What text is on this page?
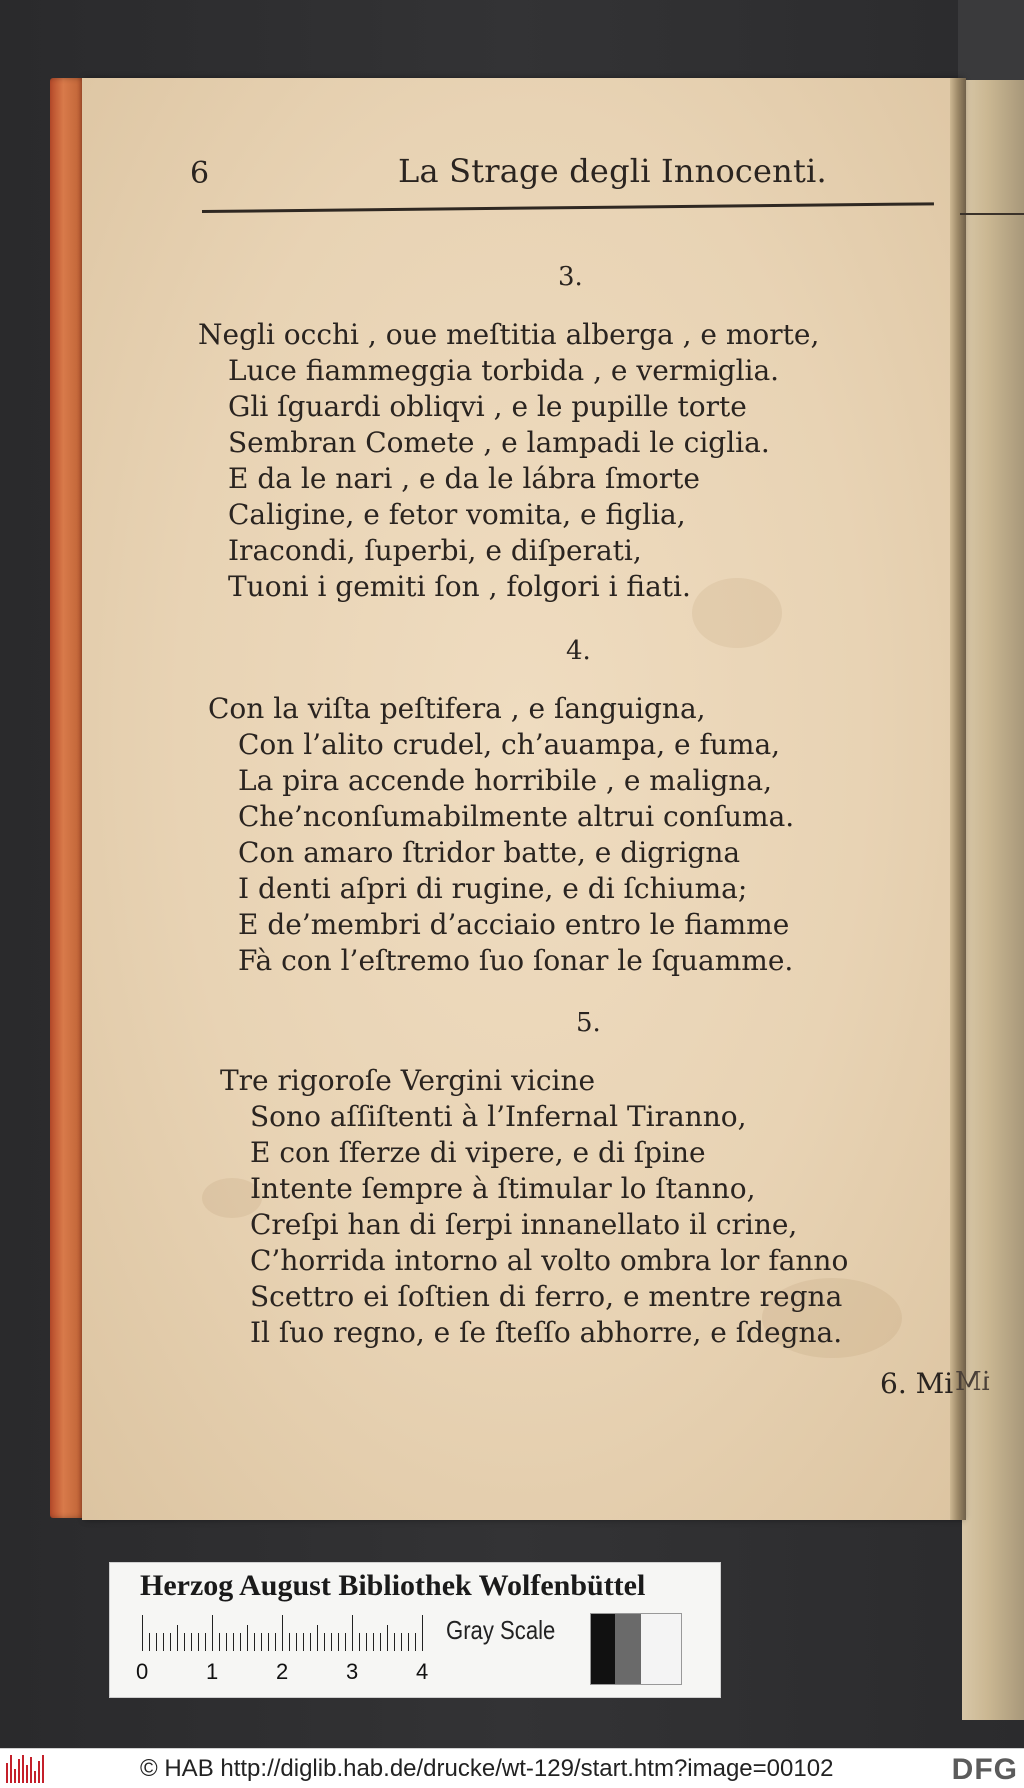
6	La Strage degli Innocenti.
3.
Negli occhi , oue meſtitia alberga , e morte,
Luce fiammeggia torbida , e vermiglia.
Gli ſguardi obliqvi , e le pupille torte
Sembran Comete , e lampadi le ciglia.
E da le nari , e da le lábra ſmorte
Caligine, e fetor vomita, e figlia,
Iracondi, ſuperbi, e diſperati,
Tuoni i gemiti ſon , folgori i fiati.
4.
Con la viſta peſtifera , e ſanguigna,
Con l’alito crudel, ch’auampa, e fuma,
La pira accende horribile , e maligna,
Che’nconſumabilmente altrui conſuma.
Con amaro ſtridor batte, e digrigna
I denti aſpri di rugine, e di ſchiuma;
E de’membri d’acciaio entro le fiamme
Fà con l’eſtremo ſuo ſonar le ſquamme.
5.
Tre rigoroſe Vergini vicine
Sono aſſiſtenti à l’Infernal Tiranno,
E con ſferze di vipere, e di ſpine
Intente ſempre à ſtimular lo ſtanno,
Creſpi han di ſerpi innanellato il crine,
C’horrida intorno al volto ombra lor fanno
Scettro ei ſoſtien di ferro, e mentre regna
Il ſuo regno, e ſe ſteſſo abhorre, e ſdegna.
6. Mi iM
Herzog August Bibliothek Wolfenbüttel
0	1	2	3	4
Gray Scale
© HAB http://diglib.hab.de/drucke/wt-129/start.htm?image=00102	DFG
